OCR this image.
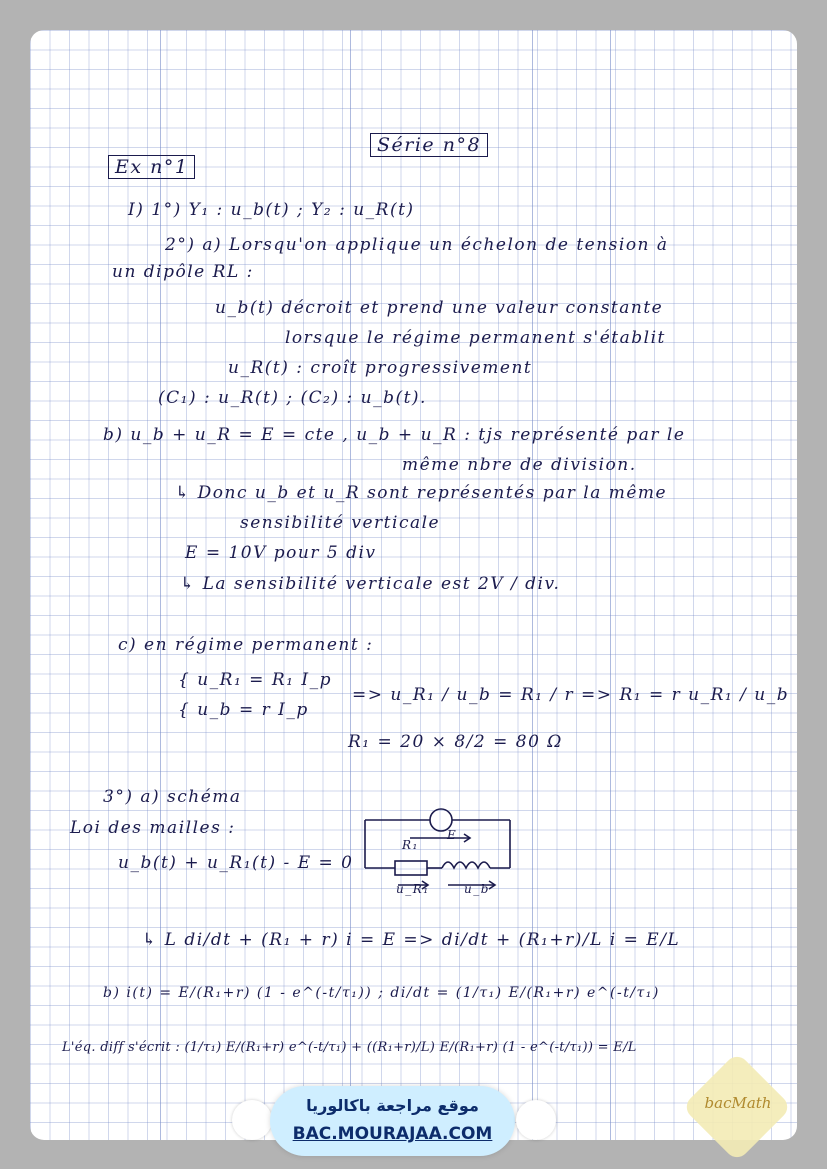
Série n°8
Ex n°1
I) 1°) Y₁ : u_b(t) ; Y₂ : u_R(t)
2°) a) Lorsqu'on applique un échelon de tension à
un dipôle RL :
u_b(t) décroit et prend une valeur constante
lorsque le régime permanent s'établit
u_R(t) : croît progressivement
(C₁) : u_R(t) ; (C₂) : u_b(t).
b) u_b + u_R = E = cte , u_b + u_R : tjs représenté par le
même nbre de division.
↳ Donc u_b et u_R sont représentés par la même
sensibilité verticale
E = 10V pour 5 div
↳ La sensibilité verticale est 2V / div.
c) en régime permanent :
{ u_R₁ = R₁ I_p
{ u_b = r I_p
=> u_R₁ / u_b = R₁ / r => R₁ = r u_R₁ / u_b
R₁ = 20 × 8/2 = 80 Ω
3°) a) schéma
Loi des mailles :
u_b(t) + u_R₁(t) - E = 0
E
R₁
u_R₁	u_b
↳ L di/dt + (R₁ + r) i = E => di/dt + (R₁+r)/L i = E/L
b) i(t) = E/(R₁+r) (1 - e^(-t/τ₁)) ; di/dt = (1/τ₁) E/(R₁+r) e^(-t/τ₁)
L'éq. diff s'écrit : (1/τ₁) E/(R₁+r) e^(-t/τ₁) + ((R₁+r)/L) E/(R₁+r) (1 - e^(-t/τ₁)) = E/L
موقع مراجعة باكالوريا
BAC.MOURAJAA.COM
bacMath
